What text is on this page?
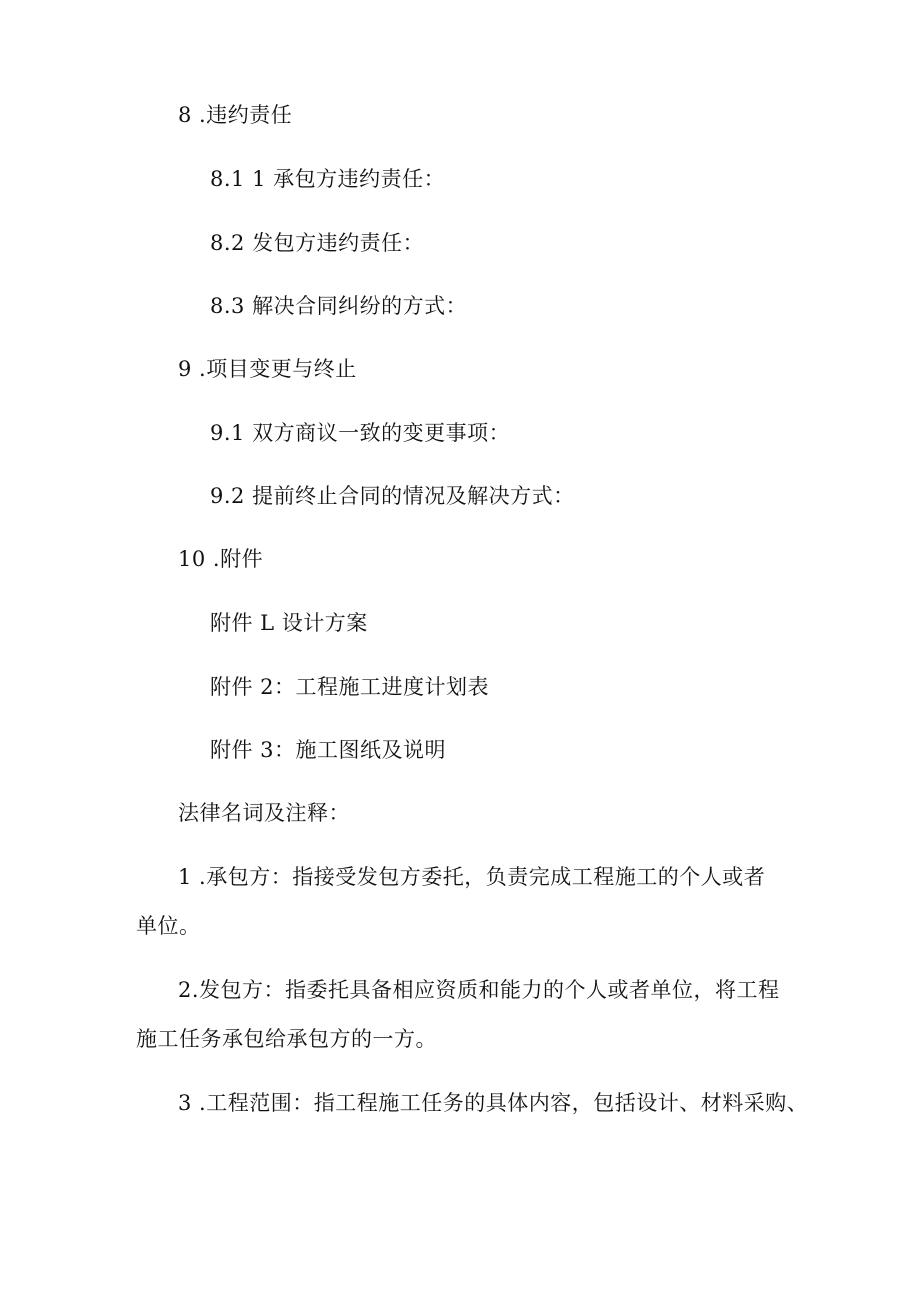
8 .违约责任
8.1 1 承包方违约责任：
8.2 发包方违约责任：
8.3 解决合同纠纷的方式：
9 .项目变更与终止
9.1 双方商议一致的变更事项：
9.2 提前终止合同的情况及解决方式：
10 .附件
附件 L 设计方案
附件 2：工程施工进度计划表
附件 3：施工图纸及说明
法律名词及注释：
1 .承包方：指接受发包方委托，负责完成工程施工的个人或者
单位。
2.发包方：指委托具备相应资质和能力的个人或者单位，将工程
施工任务承包给承包方的一方。
3 .工程范围：指工程施工任务的具体内容，包括设计、材料采购、
